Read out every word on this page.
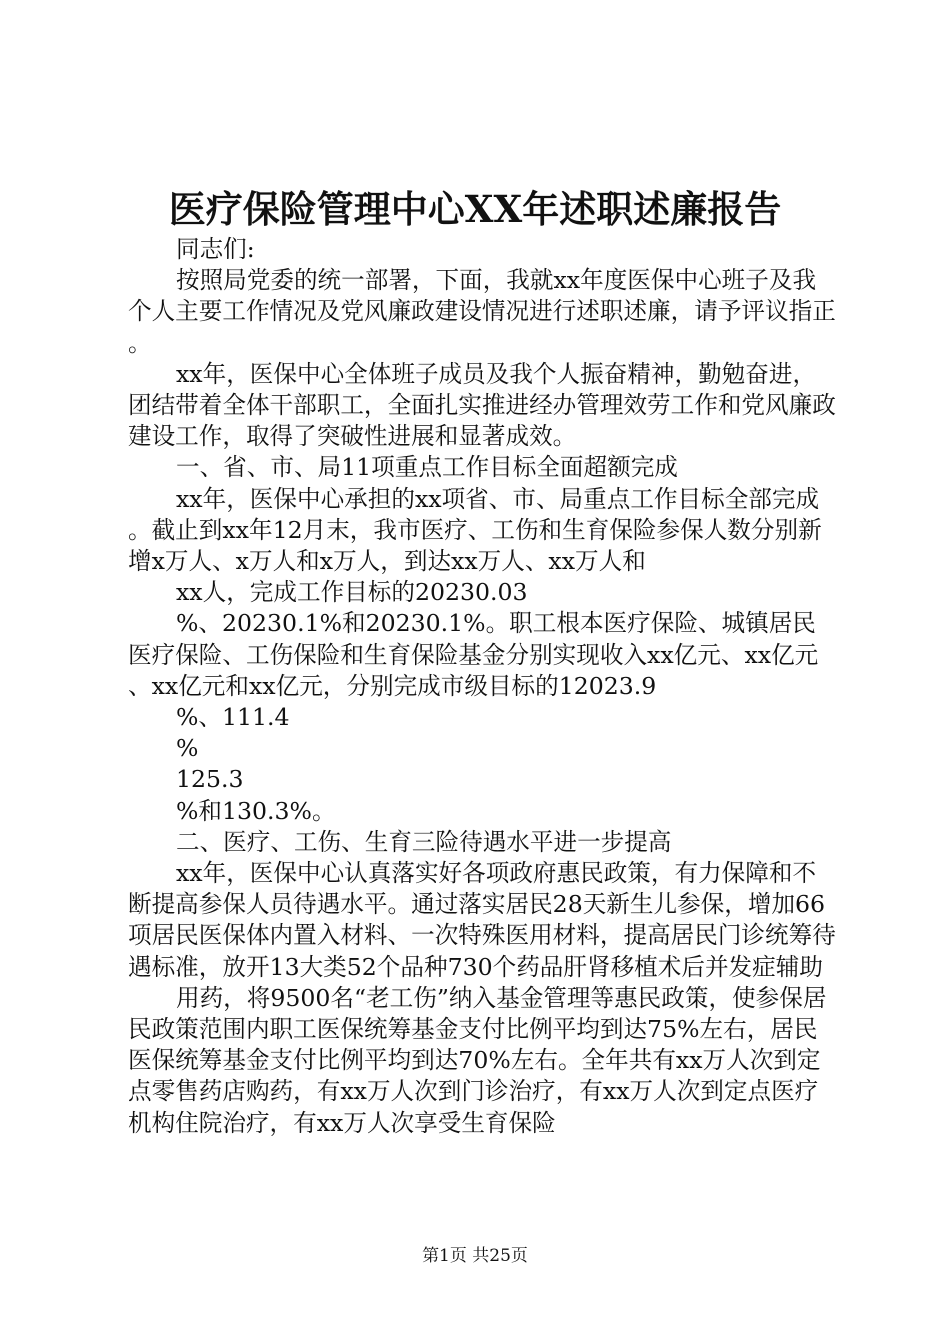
医疗保险管理中心XX年述职述廉报告

同志们:

按照局党委的统一部署，下面，我就xx年度医保中心班子及我个人主要工作情况及党风廉政建设情况进行述职述廉，请予评议指正。

xx年，医保中心全体班子成员及我个人振奋精神，勤勉奋进，团结带着全体干部职工，全面扎实推进经办管理效劳工作和党风廉政建设工作，取得了突破性进展和显著成效。

一、省、市、局11项重点工作目标全面超额完成

xx年，医保中心承担的xx项省、市、局重点工作目标全部完成。截止到xx年12月末，我市医疗、工伤和生育保险参保人数分别新增x万人、x万人和x万人，到达xx万人、xx万人和

xx人，完成工作目标的20230.03

%、20230.1%和20230.1%。职工根本医疗保险、城镇居民医疗保险、工伤保险和生育保险基金分别实现收入xx亿元、xx亿元、xx亿元和xx亿元，分别完成市级目标的12023.9

%、111.4

%

125.3

%和130.3%。

二、医疗、工伤、生育三险待遇水平进一步提高

xx年，医保中心认真落实好各项政府惠民政策，有力保障和不断提高参保人员待遇水平。通过落实居民28天新生儿参保，增加66项居民医保体内置入材料、一次特殊医用材料，提高居民门诊统筹待遇标准，放开13大类52个品种730个药品肝肾移植术后并发症辅助

用药，将9500名“老工伤”纳入基金管理等惠民政策，使参保居民政策范围内职工医保统筹基金支付比例平均到达75%左右，居民医保统筹基金支付比例平均到达70%左右。全年共有xx万人次到定点零售药店购药，有xx万人次到门诊治疗，有xx万人次到定点医疗机构住院治疗，有xx万人次享受生育保险

第1页 共25页
